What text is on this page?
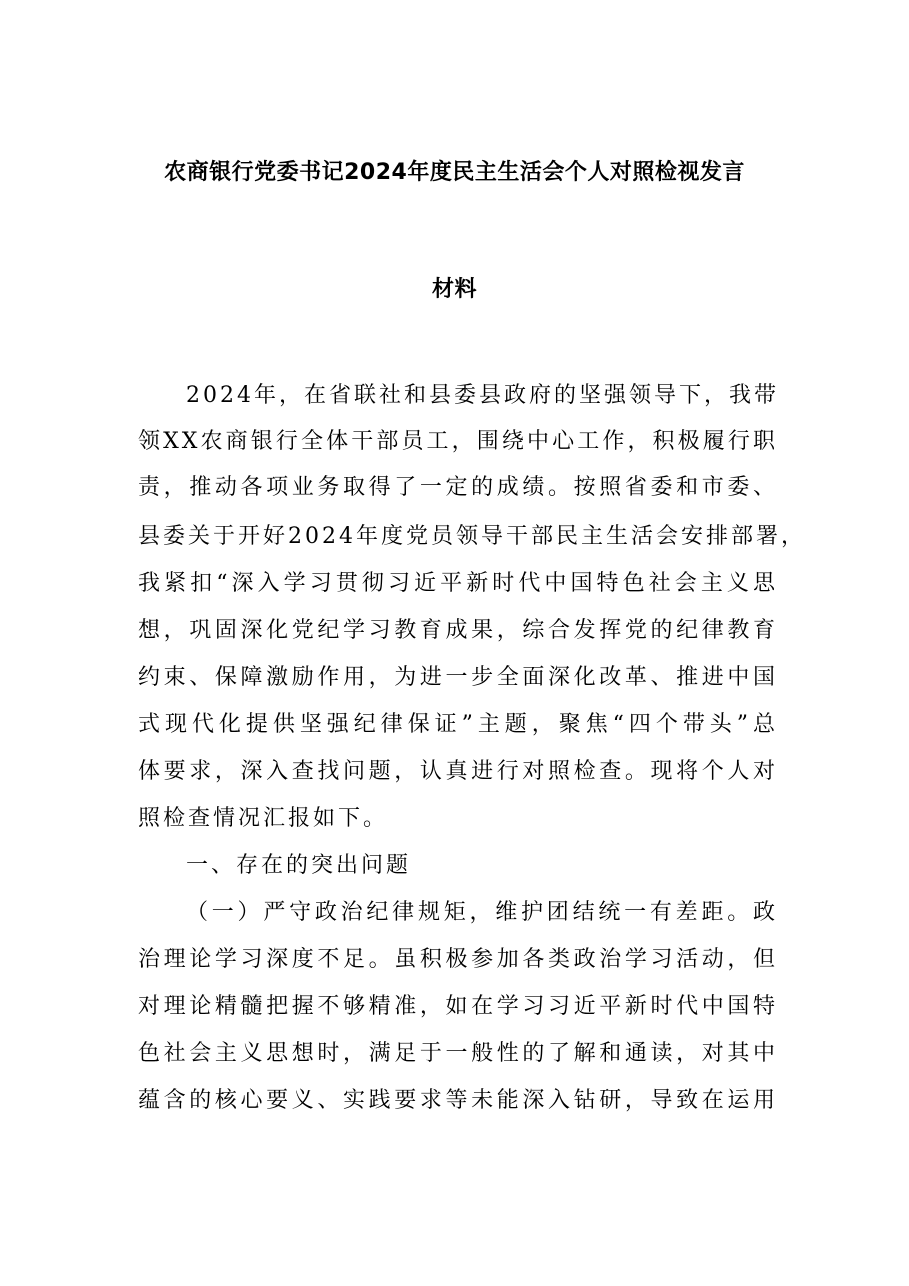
农商银行党委书记2024年度民主生活会个人对照检视发言
材料
2024年，在省联社和县委县政府的坚强领导下，我带
领XX农商银行全体干部员工，围绕中心工作，积极履行职
责，推动各项业务取得了一定的成绩。按照省委和市委、
县委关于开好2024年度党员领导干部民主生活会安排部署，
我紧扣“深入学习贯彻习近平新时代中国特色社会主义思
想，巩固深化党纪学习教育成果，综合发挥党的纪律教育
约束、保障激励作用，为进一步全面深化改革、推进中国
式现代化提供坚强纪律保证”主题，聚焦“四个带头”总
体要求，深入查找问题，认真进行对照检查。现将个人对
照检查情况汇报如下。
一、存在的突出问题
（一）严守政治纪律规矩，维护团结统一有差距。政
治理论学习深度不足。虽积极参加各类政治学习活动，但
对理论精髓把握不够精准，如在学习习近平新时代中国特
色社会主义思想时，满足于一般性的了解和通读，对其中
蕴含的核心要义、实践要求等未能深入钻研，导致在运用
